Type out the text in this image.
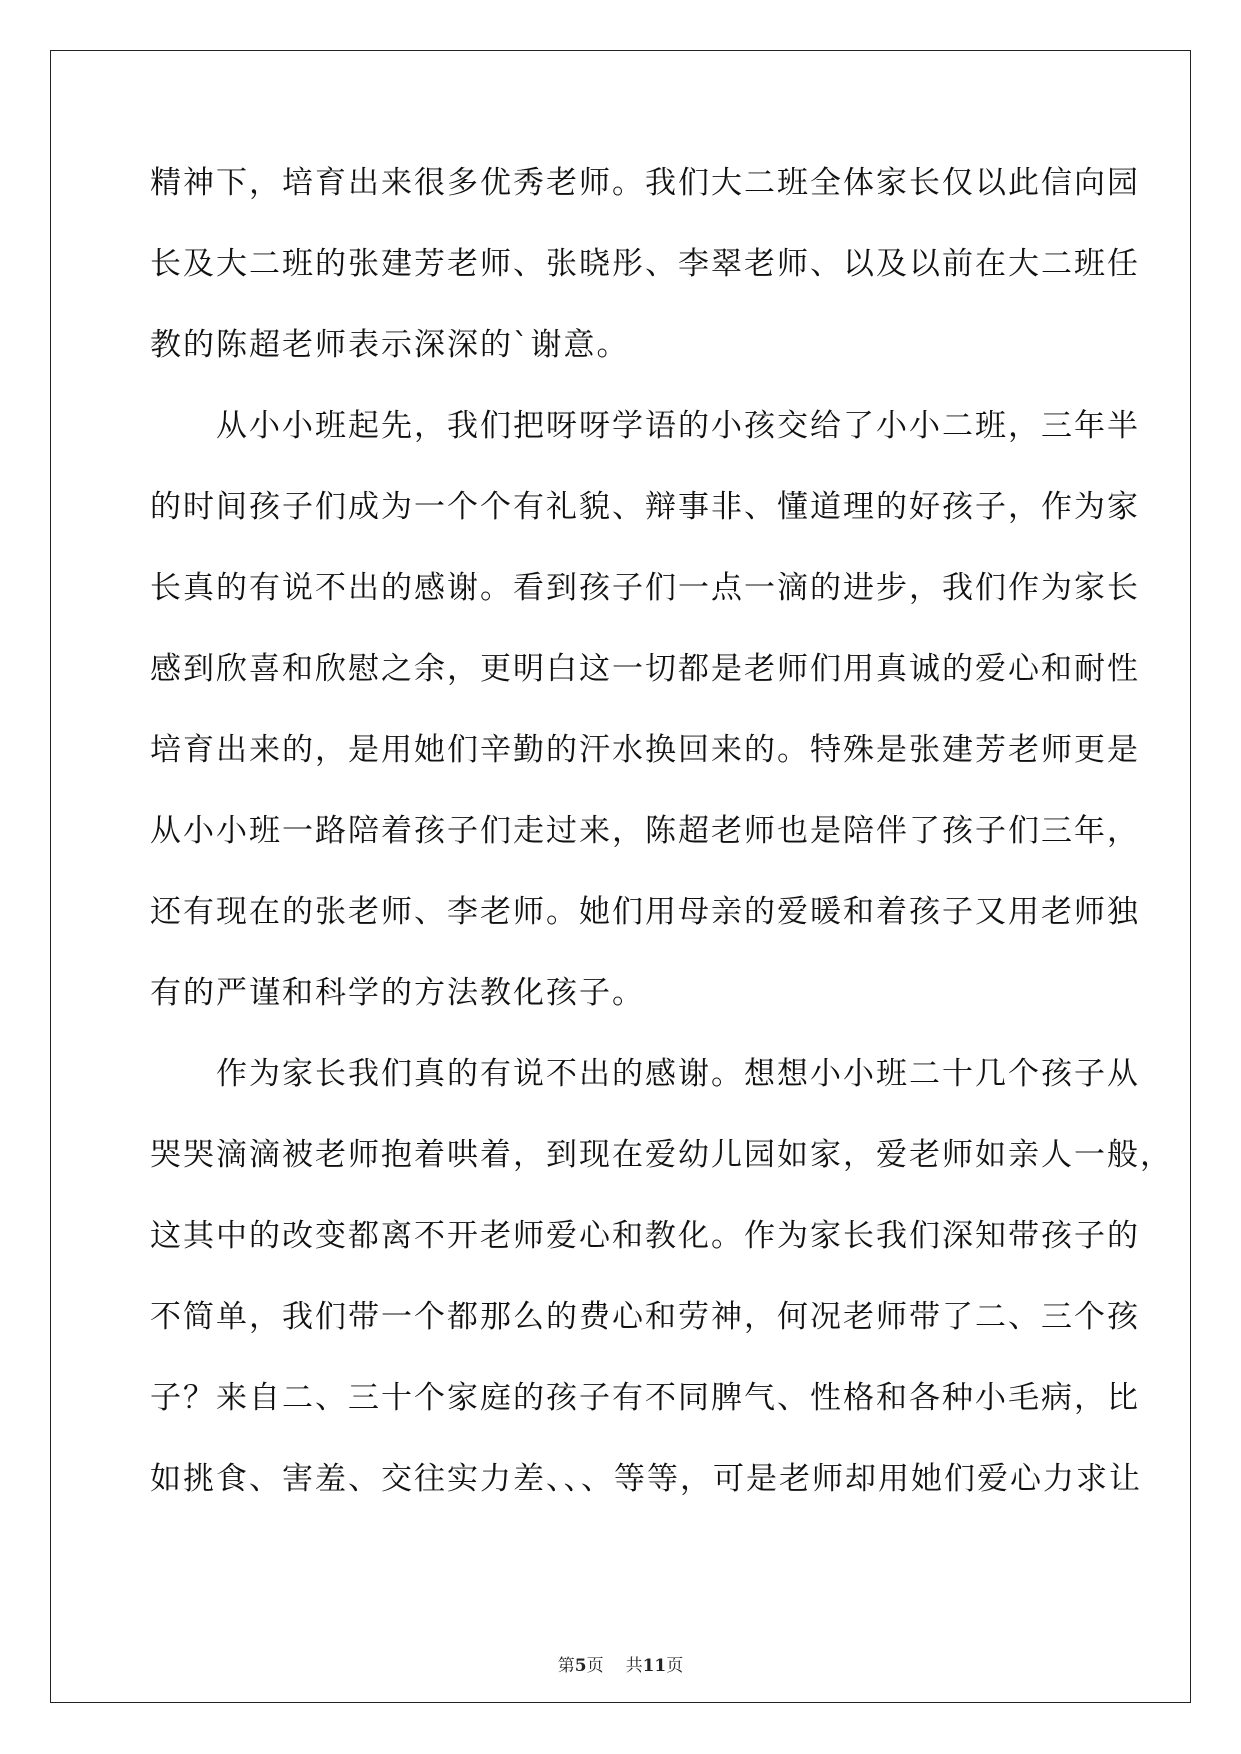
精神下，培育出来很多优秀老师。我们大二班全体家长仅以此信向园
长及大二班的张建芳老师、张晓彤、李翠老师、以及以前在大二班任
教的陈超老师表示深深的`谢意。
　　从小小班起先，我们把呀呀学语的小孩交给了小小二班，三年半
的时间孩子们成为一个个有礼貌、辩事非、懂道理的好孩子，作为家
长真的有说不出的感谢。看到孩子们一点一滴的进步，我们作为家长
感到欣喜和欣慰之余，更明白这一切都是老师们用真诚的爱心和耐性
培育出来的，是用她们辛勤的汗水换回来的。特殊是张建芳老师更是
从小小班一路陪着孩子们走过来，陈超老师也是陪伴了孩子们三年，
还有现在的张老师、李老师。她们用母亲的爱暖和着孩子又用老师独
有的严谨和科学的方法教化孩子。
　　作为家长我们真的有说不出的感谢。想想小小班二十几个孩子从
哭哭滴滴被老师抱着哄着，到现在爱幼儿园如家，爱老师如亲人一般，
这其中的改变都离不开老师爱心和教化。作为家长我们深知带孩子的
不简单，我们带一个都那么的费心和劳神，何况老师带了二、三个孩
子？来自二、三十个家庭的孩子有不同脾气、性格和各种小毛病，比
如挑食、害羞、交往实力差、、、等等，可是老师却用她们爱心力求让
第5页 共11页
